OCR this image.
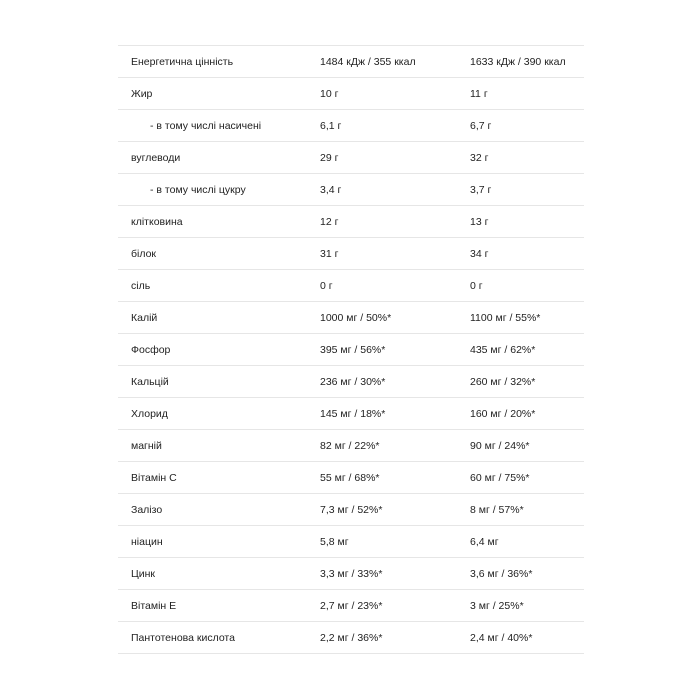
Енергетична цінність	1484 кДж / 355 ккал	1633 кДж / 390 ккал
Жир	10 г	11 г
- в тому числі насичені	6,1 г	6,7 г
вуглеводи	29 г	32 г
- в тому числі цукру	3,4 г	3,7 г
клітковина	12 г	13 г
білок	31 г	34 г
сіль	0 г	0 г
Калій	1000 мг / 50%*	1100 мг / 55%*
Фосфор	395 мг / 56%*	435 мг / 62%*
Кальцій	236 мг / 30%*	260 мг / 32%*
Хлорид	145 мг / 18%*	160 мг / 20%*
магній	82 мг / 22%*	90 мг / 24%*
Вітамін С	55 мг / 68%*	60 мг / 75%*
Залізо	7,3 мг / 52%*	8 мг / 57%*
ніацин	5,8 мг	6,4 мг
Цинк	3,3 мг / 33%*	3,6 мг / 36%*
Вітамін Е	2,7 мг / 23%*	3 мг / 25%*
Пантотенова кислота	2,2 мг / 36%*	2,4 мг / 40%*
